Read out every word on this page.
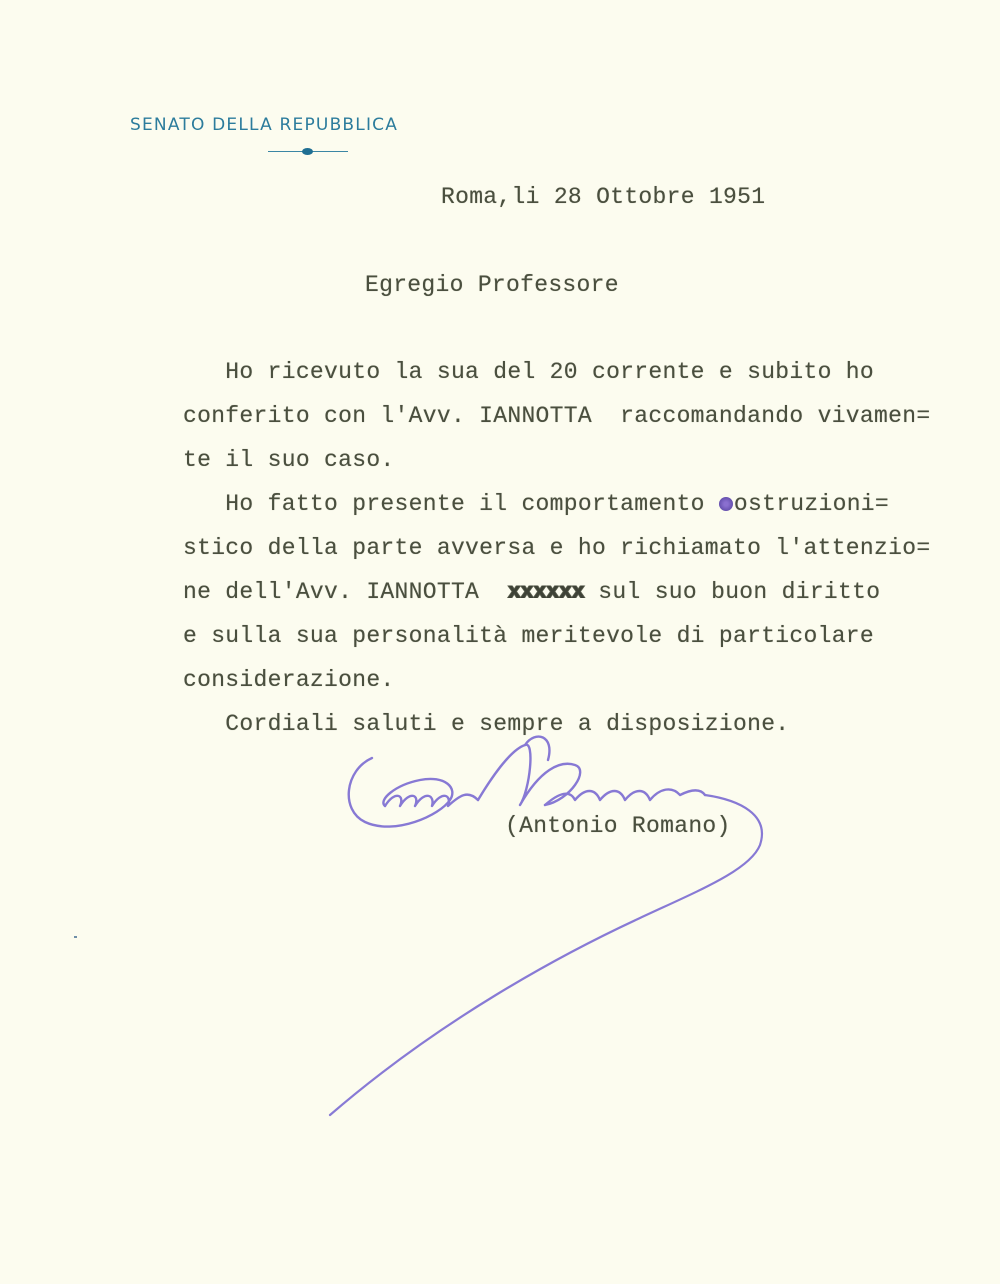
SENATO DELLA REPUBBLICA
Roma,li 28 Ottobre 1951
Egregio Professore
Ho ricevuto la sua del 20 corrente e subito ho
conferito con l'Avv. IANNOTTA  raccomandando vivamen=
te il suo caso.
Ho fatto presente il comportamento ostruzioni=
stico della parte avversa e ho richiamato l'attenzio=
ne dell'Avv. IANNOTTA  xxxxxx sul suo buon diritto
e sulla sua personalità meritevole di particolare
considerazione.
Cordiali saluti e sempre a disposizione.
(Antonio Romano)
